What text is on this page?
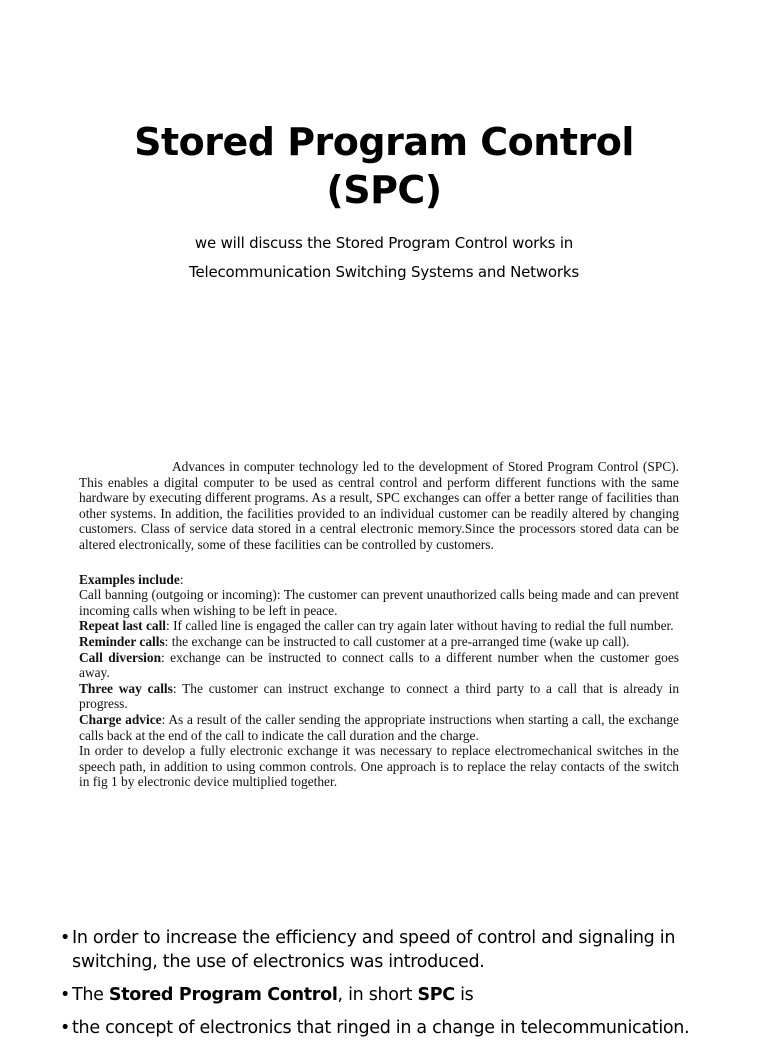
Stored Program Control
(SPC)
we will discuss the Stored Program Control works in
Telecommunication Switching Systems and Networks

Advances in computer technology led to the development of Stored Program Control (SPC). This enables a digital computer to be used as central control and perform different functions with the same hardware by executing different programs. As a result, SPC exchanges can offer a better range of facilities than other systems. In addition, the facilities provided to an individual customer can be readily altered by changing customers. Class of service data stored in a central electronic memory.Since the processors stored data can be altered electronically, some of these facilities can be controlled by customers.

Examples include:

Call banning (outgoing or incoming): The customer can prevent unauthorized calls being made and can prevent incoming calls when wishing to be left in peace.

Repeat last call: If called line is engaged the caller can try again later without having to redial the full number.

Reminder calls: the exchange can be instructed to call customer at a pre-arranged time (wake up call).

Call diversion: exchange can be instructed to connect calls to a different number when the customer goes away.

Three way calls: The customer can instruct exchange to connect a third party to a call that is already in progress.

Charge advice: As a result of the caller sending the appropriate instructions when starting a call, the exchange calls back at the end of the call to indicate the call duration and the charge.

In order to develop a fully electronic exchange it was necessary to replace electromechanical switches in the speech path, in addition to using common controls. One approach is to replace the relay contacts of the switch in fig 1 by electronic device multiplied together.

• In order to increase the efficiency and speed of control and signaling in switching, the use of electronics was introduced.
• The Stored Program Control, in short SPC is
• the concept of electronics that ringed in a change in telecommunication.
